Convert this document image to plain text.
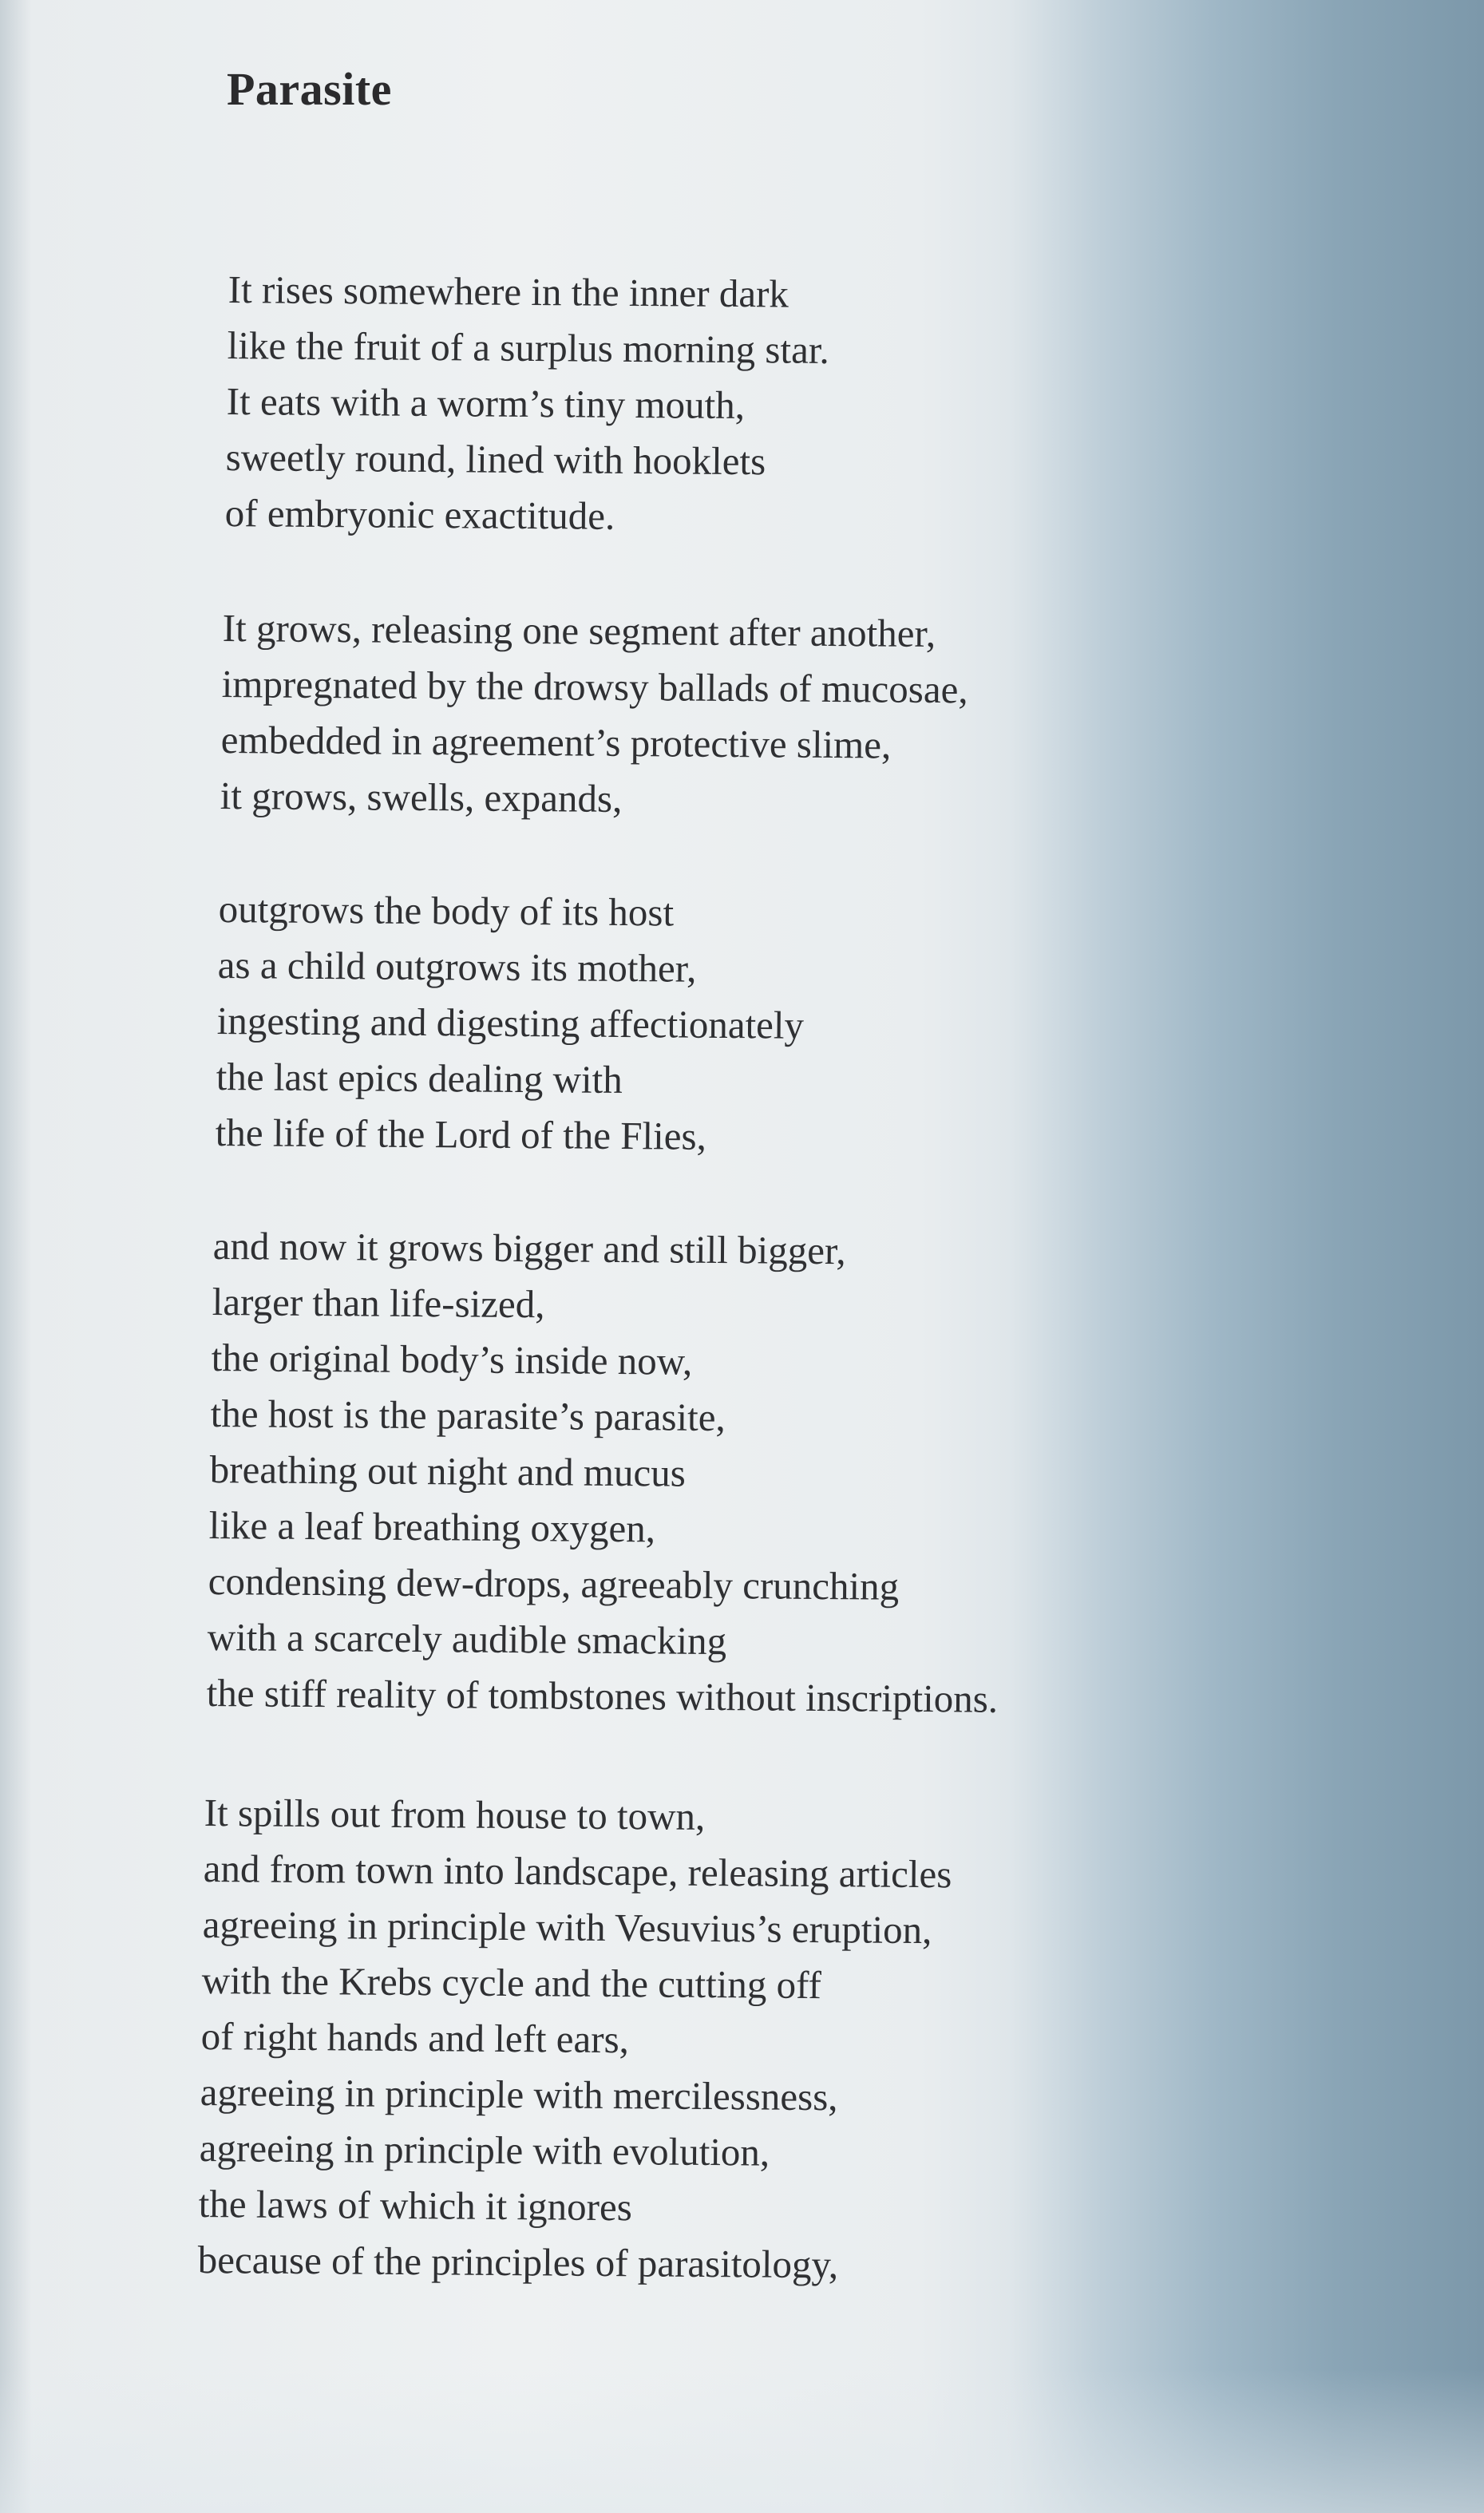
Parasite
It rises somewhere in the inner dark
like the fruit of a surplus morning star.
It eats with a worm’s tiny mouth,
sweetly round, lined with hooklets
of embryonic exactitude.
It grows, releasing one segment after another,
impregnated by the drowsy ballads of mucosae,
embedded in agreement’s protective slime,
it grows, swells, expands,
outgrows the body of its host
as a child outgrows its mother,
ingesting and digesting affectionately
the last epics dealing with
the life of the Lord of the Flies,
and now it grows bigger and still bigger,
larger than life-sized,
the original body’s inside now,
the host is the parasite’s parasite,
breathing out night and mucus
like a leaf breathing oxygen,
condensing dew-drops, agreeably crunching
with a scarcely audible smacking
the stiff reality of tombstones without inscriptions.
It spills out from house to town,
and from town into landscape, releasing articles
agreeing in principle with Vesuvius’s eruption,
with the Krebs cycle and the cutting off
of right hands and left ears,
agreeing in principle with mercilessness,
agreeing in principle with evolution,
the laws of which it ignores
because of the principles of parasitology,
